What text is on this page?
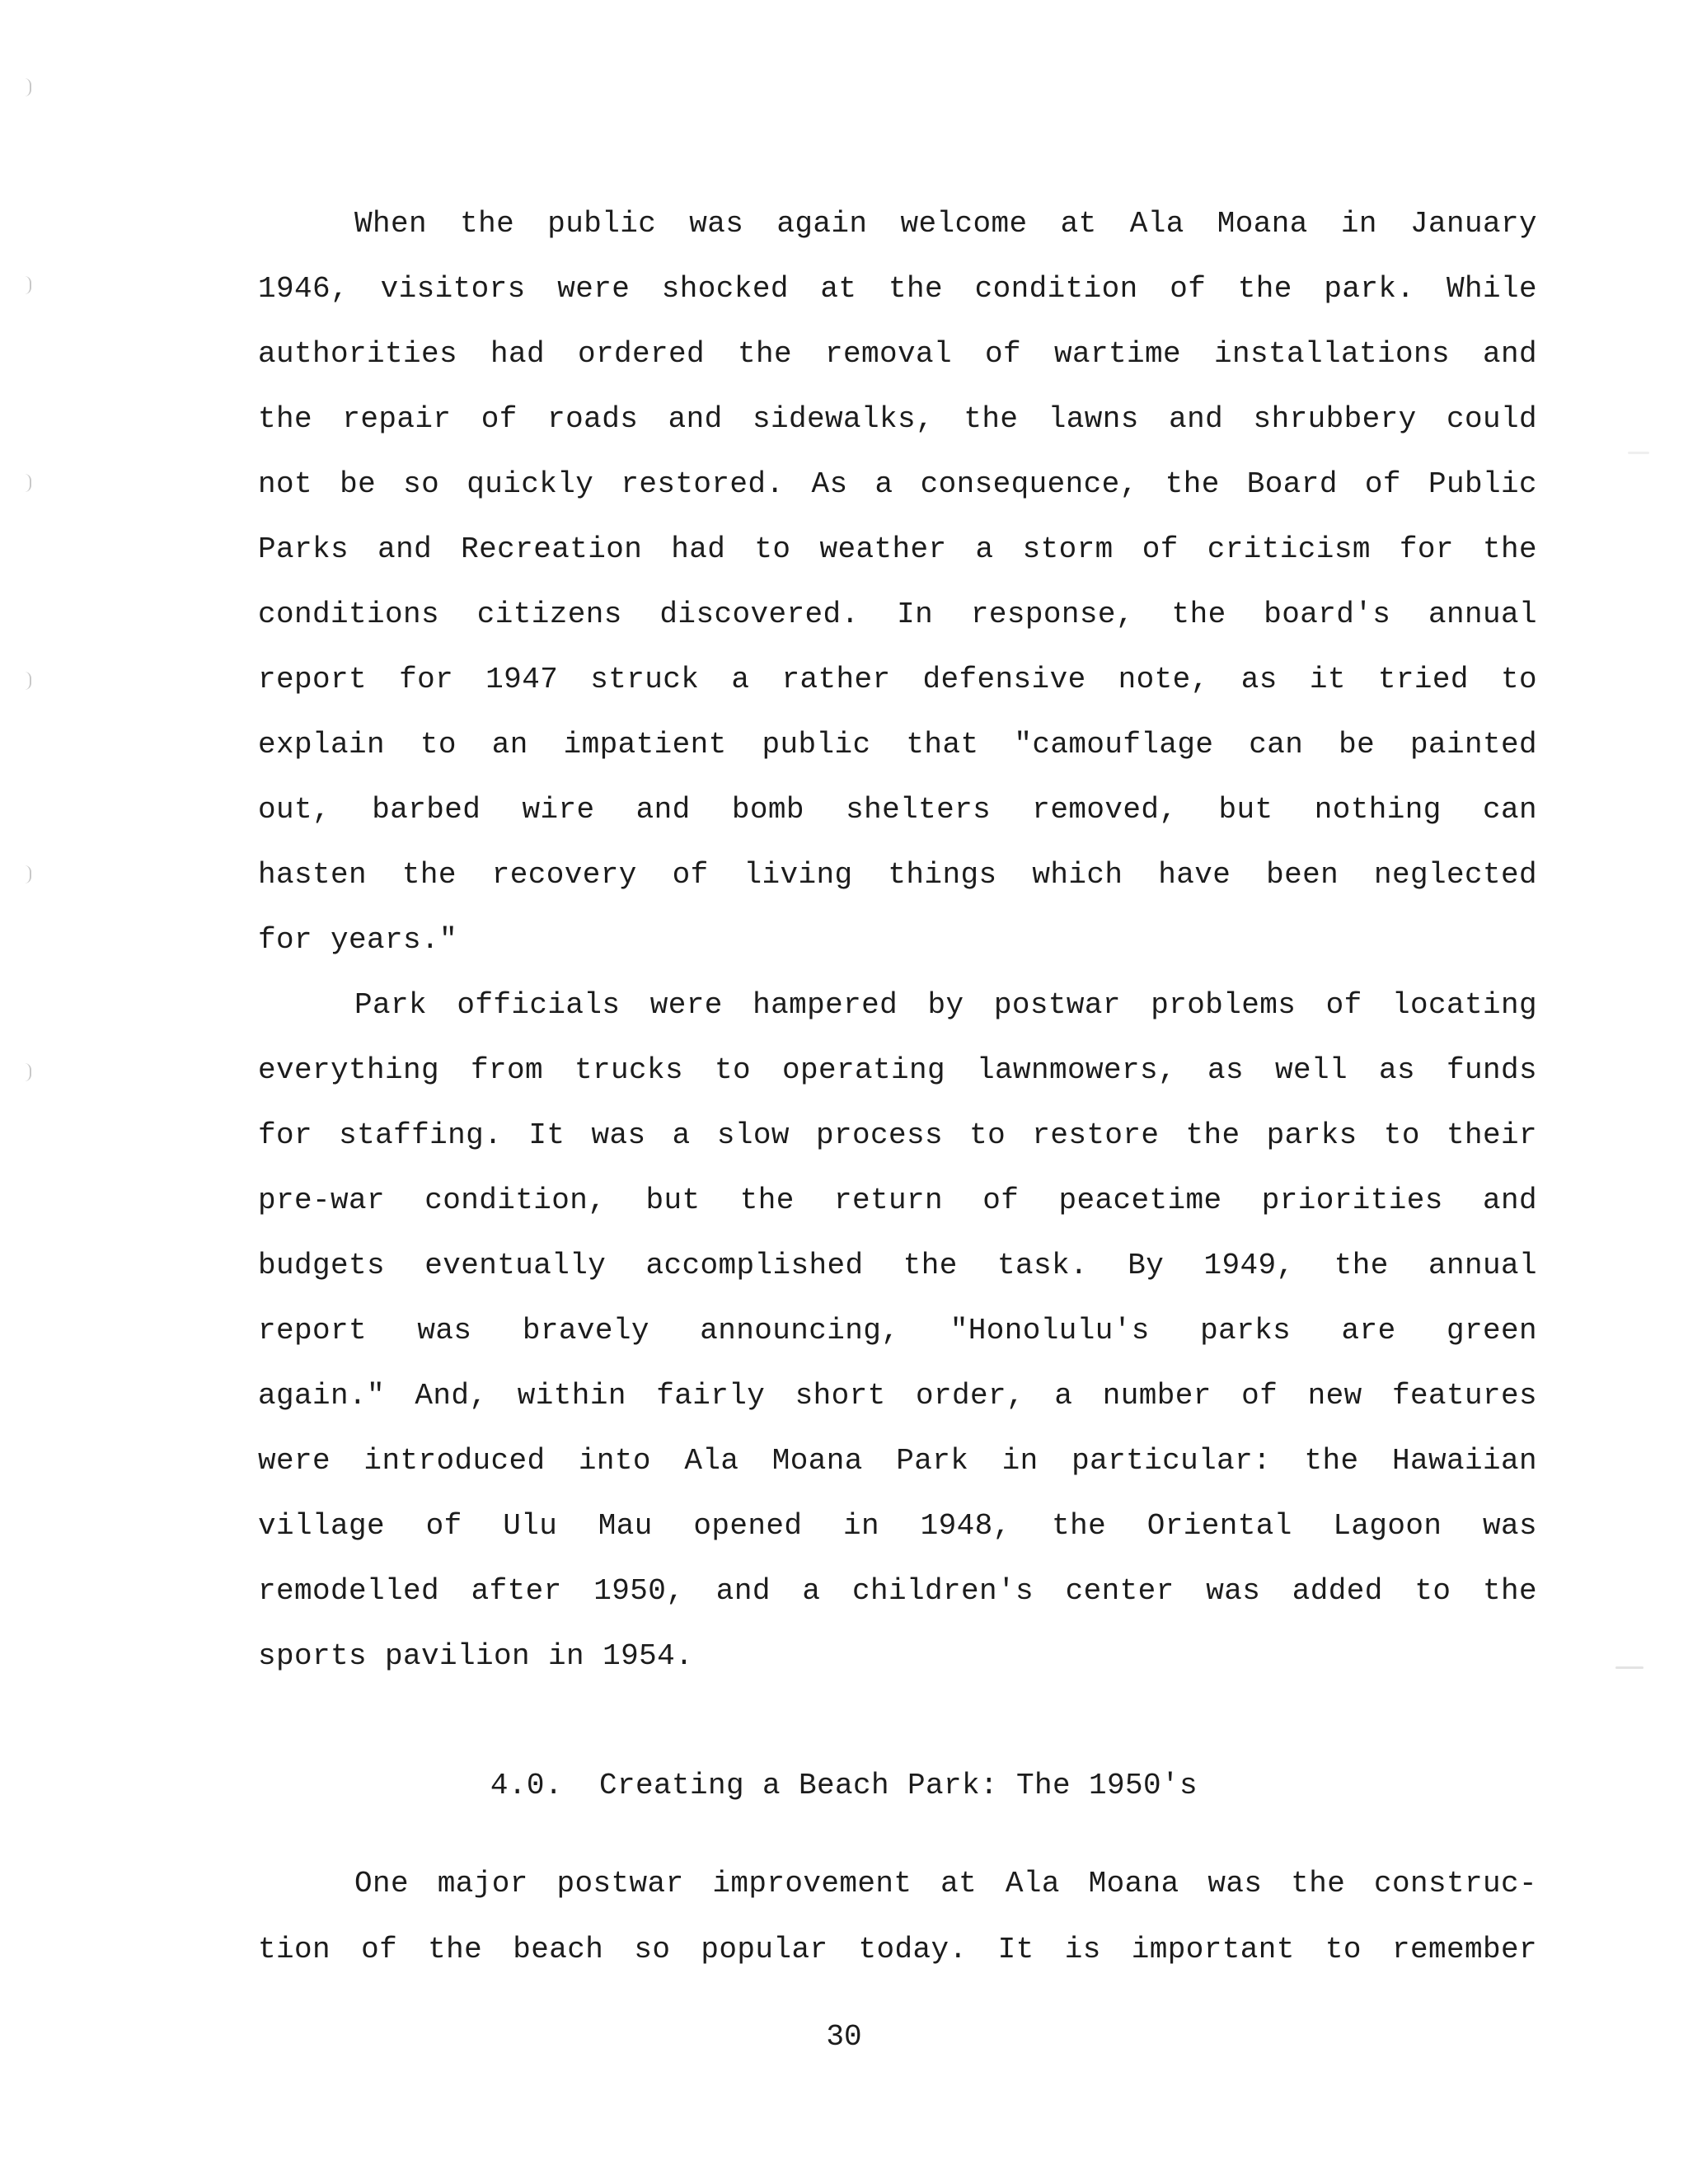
When the public was again welcome at Ala Moana in January
1946, visitors were shocked at the condition of the park. While
authorities had ordered the removal of wartime installations and
the repair of roads and sidewalks, the lawns and shrubbery could
not be so quickly restored. As a consequence, the Board of Public
Parks and Recreation had to weather a storm of criticism for the
conditions citizens discovered. In response, the board's annual
report for 1947 struck a rather defensive note, as it tried to
explain to an impatient public that "camouflage can be painted
out, barbed wire and bomb shelters removed, but nothing can
hasten the recovery of living things which have been neglected
for years."
Park officials were hampered by postwar problems of locating
everything from trucks to operating lawnmowers, as well as funds
for staffing. It was a slow process to restore the parks to their
pre-war condition, but the return of peacetime priorities and
budgets eventually accomplished the task. By 1949, the annual
report was bravely announcing, "Honolulu's parks are green
again." And, within fairly short order, a number of new features
were introduced into Ala Moana Park in particular: the Hawaiian
village of Ulu Mau opened in 1948, the Oriental Lagoon was
remodelled after 1950, and a children's center was added to the
sports pavilion in 1954.
4.0.  Creating a Beach Park: The 1950's
One major postwar improvement at Ala Moana was the construc-
tion of the beach so popular today. It is important to remember
30
